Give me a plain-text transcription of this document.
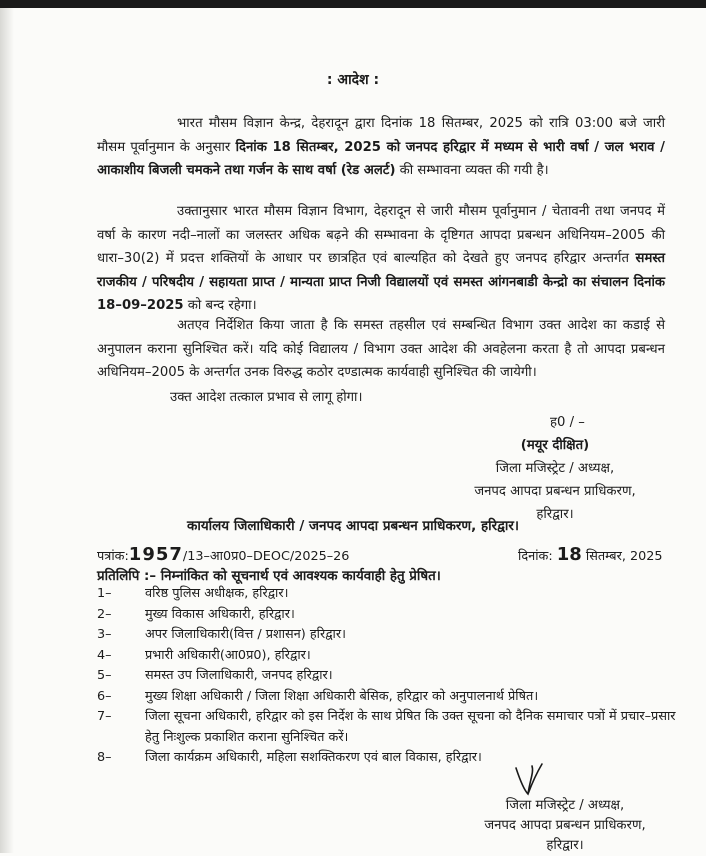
: आदेश :

भारत मौसम विज्ञान केन्द्र, देहरादून द्वारा दिनांक 18 सितम्बर, 2025 को रात्रि 03:00 बजे जारी मौसम पूर्वानुमान के अनुसार दिनांक 18 सितम्बर, 2025 को जनपद हरिद्वार में मध्यम से भारी वर्षा / जल भराव / आकाशीय बिजली चमकने तथा गर्जन के साथ वर्षा (रेड अलर्ट) की सम्भावना व्यक्त की गयी है।

उक्तानुसार भारत मौसम विज्ञान विभाग, देहरादून से जारी मौसम पूर्वानुमान / चेतावनी तथा जनपद में वर्षा के कारण नदी–नालों का जलस्तर अधिक बढ़ने की सम्भावना के दृष्टिगत आपदा प्रबन्धन अधिनियम–2005 की धारा–30(2) में प्रदत्त शक्तियों के आधार पर छात्रहित एवं बाल्यहित को देखते हुए जनपद हरिद्वार अन्तर्गत समस्त राजकीय / परिषदीय / सहायता प्राप्त / मान्यता प्राप्त निजी विद्यालयों एवं समस्त आंगनबाडी केन्द्रो का संचालन दिनांक 18–09–2025 को बन्द रहेगा।

अतएव निर्देशित किया जाता है कि समस्त तहसील एवं सम्बन्धित विभाग उक्त आदेश का कडाई से अनुपालन कराना सुनिश्चित करें। यदि कोई विद्यालय / विभाग उक्त आदेश की अवहेलना करता है तो आपदा प्रबन्धन अधिनियम–2005 के अन्तर्गत उनक विरुद्ध कठोर दण्डात्मक कार्यवाही सुनिश्चित की जायेगी।

उक्त आदेश तत्काल प्रभाव से लागू होगा।

ह0 / –
(मयूर दीक्षित)
जिला मजिस्ट्रेट / अध्यक्ष,
जनपद आपदा प्रबन्धन प्राधिकरण,
हरिद्वार।
कार्यालय जिलाधिकारी / जनपद आपदा प्रबन्धन प्राधिकरण, हरिद्वार।
पत्रांक:1957/13–आ0प्र0–DEOC/2025–26	दिनांक: 18 सितम्बर, 2025
प्रतिलिपि :– निम्नांकित को सूचनार्थ एवं आवश्यक कार्यवाही हेतु प्रेषित।
1–	वरिष्ठ पुलिस अधीक्षक, हरिद्वार।
2–	मुख्य विकास अधिकारी, हरिद्वार।
3–	अपर जिलाधिकारी(वित्त / प्रशासन) हरिद्वार।
4–	प्रभारी अधिकारी(आ0प्र0), हरिद्वार।
5–	समस्त उप जिलाधिकारी, जनपद हरिद्वार।
6–	मुख्य शिक्षा अधिकारी / जिला शिक्षा अधिकारी बेसिक, हरिद्वार को अनुपालनार्थ प्रेषित।
7–	जिला सूचना अधिकारी, हरिद्वार को इस निर्देश के साथ प्रेषित कि उक्त सूचना को दैनिक समाचार पत्रों में प्रचार–प्रसार हेतु निःशुल्क प्रकाशित कराना सुनिश्चित करें।
8–	जिला कार्यक्रम अधिकारी, महिला सशक्तिकरण एवं बाल विकास, हरिद्वार।
जिला मजिस्ट्रेट / अध्यक्ष,
जनपद आपदा प्रबन्धन प्राधिकरण,
हरिद्वार।
